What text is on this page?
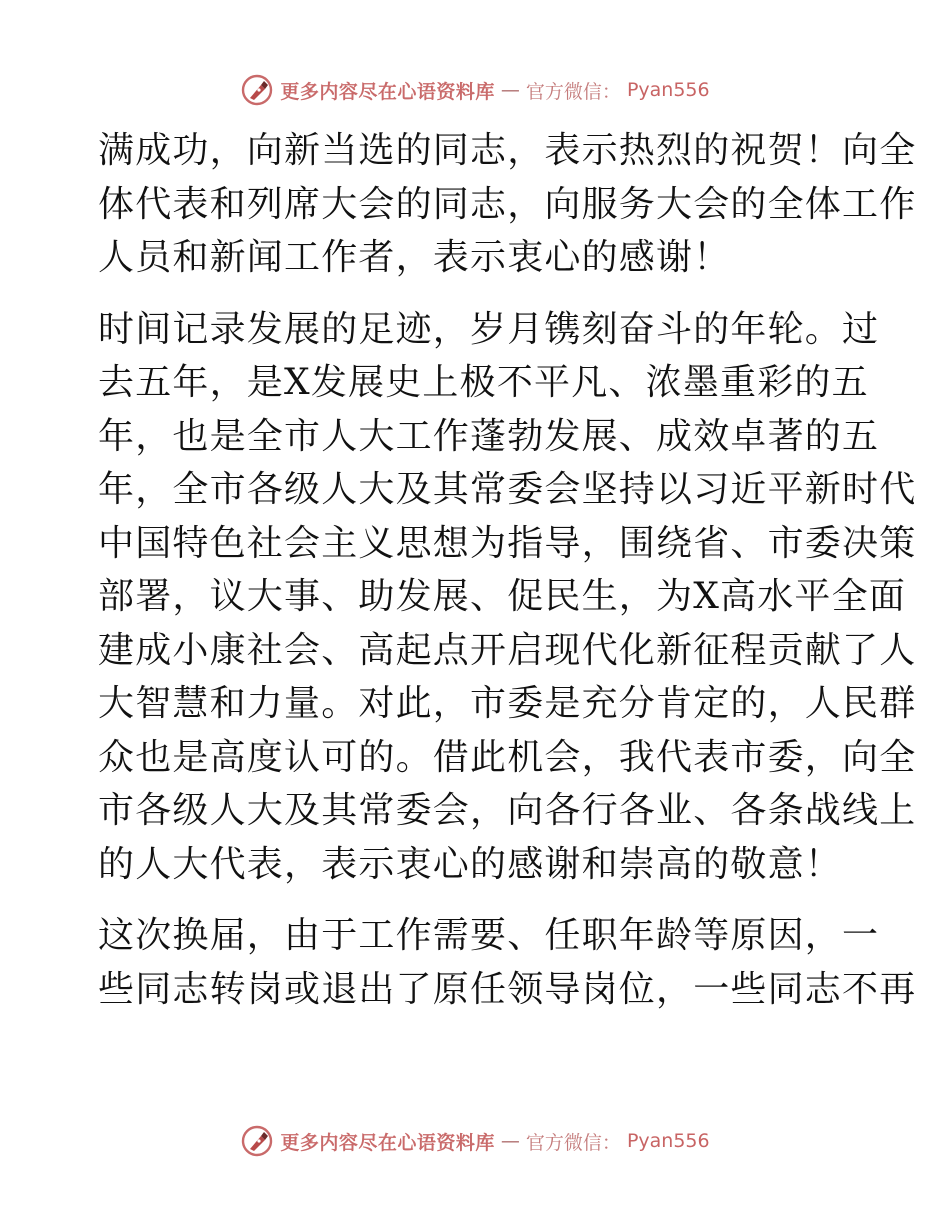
更多内容尽在心语资料库 — 官方微信： Pyan556

满成功，向新当选的同志，表示热烈的祝贺！向全
体代表和列席大会的同志，向服务大会的全体工作
人员和新闻工作者，表示衷心的感谢！

时间记录发展的足迹，岁月镌刻奋斗的年轮。过
去五年，是X发展史上极不平凡、浓墨重彩的五
年，也是全市人大工作蓬勃发展、成效卓著的五
年，全市各级人大及其常委会坚持以习近平新时代
中国特色社会主义思想为指导，围绕省、市委决策
部署，议大事、助发展、促民生，为X高水平全面
建成小康社会、高起点开启现代化新征程贡献了人
大智慧和力量。对此，市委是充分肯定的，人民群
众也是高度认可的。借此机会，我代表市委，向全
市各级人大及其常委会，向各行各业、各条战线上
的人大代表，表示衷心的感谢和崇高的敬意！

这次换届，由于工作需要、任职年龄等原因，一
些同志转岗或退出了原任领导岗位，一些同志不再

更多内容尽在心语资料库 — 官方微信： Pyan556
